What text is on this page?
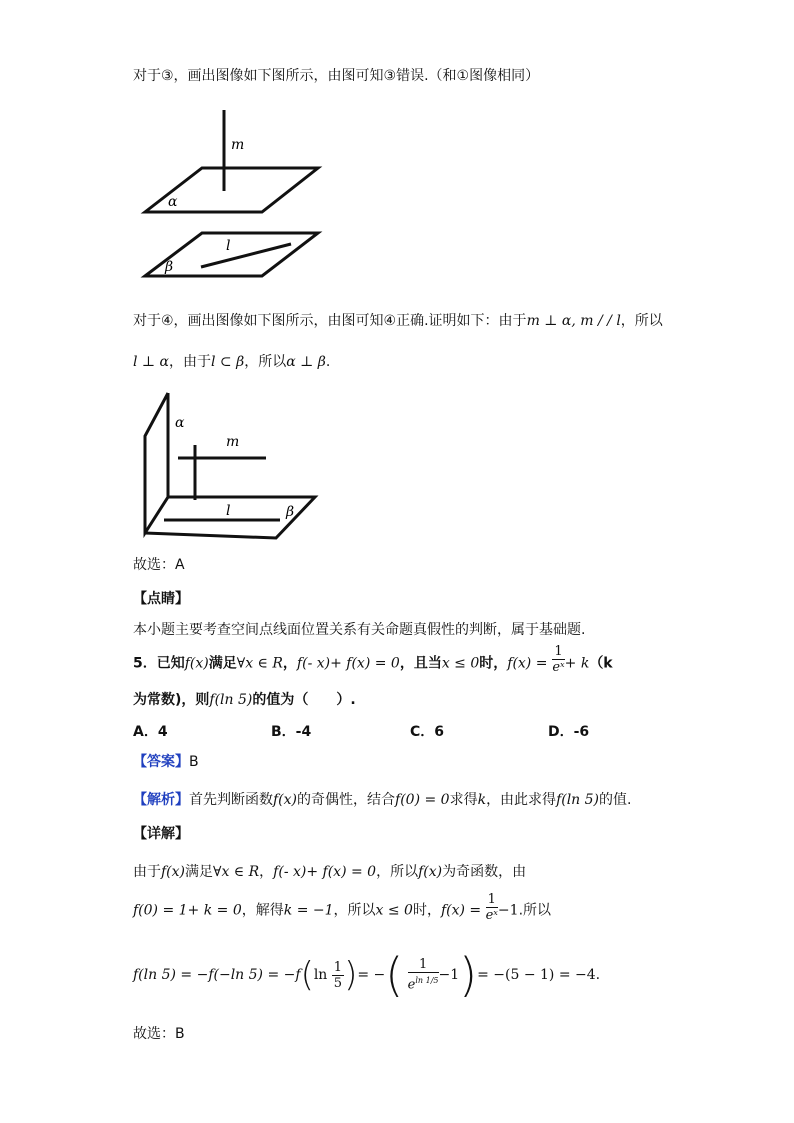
对于③，画出图像如下图所示，由图可知③错误.（和①图像相同）
m
α
l
β
对于④，画出图像如下图所示，由图可知④正确.证明如下：由于m ⊥ α, m / / l，所以
l ⊥ α，由于l ⊂ β，所以α ⊥ β.
α
m
l	β
故选：A
【点睛】
本小题主要考查空间点线面位置关系有关命题真假性的判断，属于基础题.
5．已知f(x)满足∀x ∈ R，f(- x)+ f(x) = 0，且当x ≤ 0时，$f(x) = \frac{1}{\text{eˣ}} + k(k$
为常数)，则f(ln 5)的值为（　　）.
A．4	B．-4	C．6	D．-6
【答案】B
【解析】首先判断函数f(x)的奇偶性，结合f(0) = 0求得k，由此求得f(ln 5)的值.
【详解】
由于f(x)满足∀x ∈ R，f(- x)+ f(x) = 0，所以f(x)为奇函数，由
f(0) = 1+ k = 0，解得k = −1，所以x ≤ 0时，$f(x) = \frac{1}{\text{eˣ}} -1$.所以
f(ln 5) = −f(−ln $5) = -f(\ln \frac{1}{5}$ )= −( $\frac{1}{e^{ln 1/5}} -1)= -(5 - 1) = -4$.
故选：B
